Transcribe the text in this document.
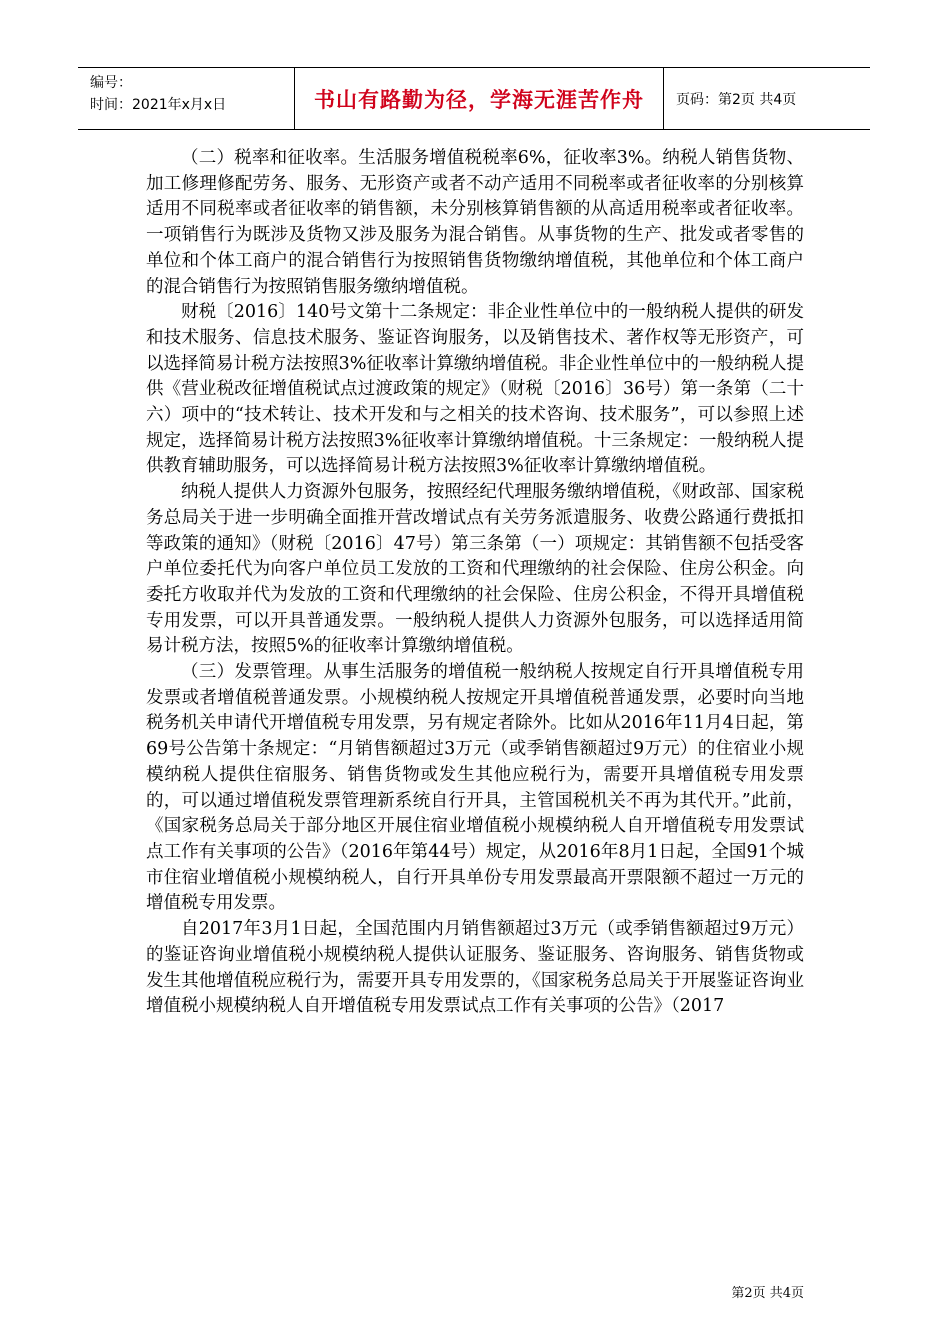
编号：
时间：2021年x月x日	书山有路勤为径，学海无涯苦作舟	页码：第2页 共4页

（二）税率和征收率。生活服务增值税税率6%，征收率3%。纳税人销售货物、加工修理修配劳务、服务、无形资产或者不动产适用不同税率或者征收率的分别核算适用不同税率或者征收率的销售额，未分别核算销售额的从高适用税率或者征收率。一项销售行为既涉及货物又涉及服务为混合销售。从事货物的生产、批发或者零售的单位和个体工商户的混合销售行为按照销售货物缴纳增值税，其他单位和个体工商户的混合销售行为按照销售服务缴纳增值税。

财税〔2016〕140号文第十二条规定：非企业性单位中的一般纳税人提供的研发和技术服务、信息技术服务、鉴证咨询服务，以及销售技术、著作权等无形资产，可以选择简易计税方法按照3%征收率计算缴纳增值税。非企业性单位中的一般纳税人提供《营业税改征增值税试点过渡政策的规定》（财税〔2016〕36号）第一条第（二十六）项中的“技术转让、技术开发和与之相关的技术咨询、技术服务”，可以参照上述规定，选择简易计税方法按照3%征收率计算缴纳增值税。十三条规定：一般纳税人提供教育辅助服务，可以选择简易计税方法按照3%征收率计算缴纳增值税。

纳税人提供人力资源外包服务，按照经纪代理服务缴纳增值税，《财政部、国家税务总局关于进一步明确全面推开营改增试点有关劳务派遣服务、收费公路通行费抵扣等政策的通知》（财税〔2016〕47号）第三条第（一）项规定：其销售额不包括受客户单位委托代为向客户单位员工发放的工资和代理缴纳的社会保险、住房公积金。向委托方收取并代为发放的工资和代理缴纳的社会保险、住房公积金，不得开具增值税专用发票，可以开具普通发票。一般纳税人提供人力资源外包服务，可以选择适用简易计税方法，按照5%的征收率计算缴纳增值税。

（三）发票管理。从事生活服务的增值税一般纳税人按规定自行开具增值税专用发票或者增值税普通发票。小规模纳税人按规定开具增值税普通发票，必要时向当地税务机关申请代开增值税专用发票，另有规定者除外。比如从2016年11月4日起，第69号公告第十条规定：“月销售额超过3万元（或季销售额超过9万元）的住宿业小规模纳税人提供住宿服务、销售货物或发生其他应税行为，需要开具增值税专用发票的，可以通过增值税发票管理新系统自行开具，主管国税机关不再为其代开。”此前，《国家税务总局关于部分地区开展住宿业增值税小规模纳税人自开增值税专用发票试点工作有关事项的公告》（2016年第44号）规定，从2016年8月1日起，全国91个城市住宿业增值税小规模纳税人，自行开具单份专用发票最高开票限额不超过一万元的增值税专用发票。

自2017年3月1日起，全国范围内月销售额超过3万元（或季销售额超过9万元）的鉴证咨询业增值税小规模纳税人提供认证服务、鉴证服务、咨询服务、销售货物或发生其他增值税应税行为，需要开具专用发票的，《国家税务总局关于开展鉴证咨询业增值税小规模纳税人自开增值税专用发票试点工作有关事项的公告》（2017

第2页 共4页
